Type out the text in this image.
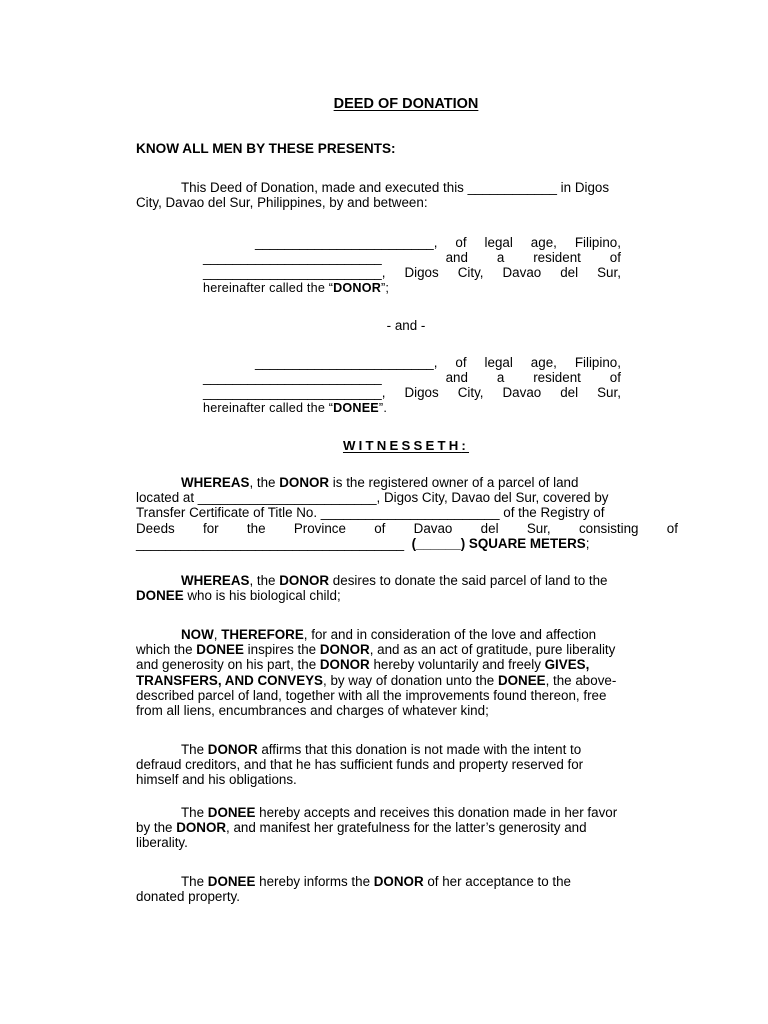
DEED OF DONATION
KNOW ALL MEN BY THESE PRESENTS:
This Deed of Donation, made and executed this ____________ in Digos
City, Davao del Sur, Philippines, by and between:
________________________, of legal age, Filipino,
________________________	and a resident of
________________________, Digos City, Davao del Sur,
hereinafter called the “DONOR”;
- and -
________________________, of legal age, Filipino,
________________________	and a resident of
________________________, Digos City, Davao del Sur,
hereinafter called the “DONEE”.
WITNESSETH:
WHEREAS, the DONOR is the registered owner of a parcel of land
located at ________________________, Digos City, Davao del Sur, covered by
Transfer Certificate of Title No. ________________________ of the Registry of
Deeds for the Province of Davao del Sur, consisting of
____________________________________
(______) SQUARE METERS ;
WHEREAS, the DONOR desires to donate the said parcel of land to the
DONEE who is his biological child;
NOW, THEREFORE, for and in consideration of the love and affection
which the DONEE inspires the DONOR, and as an act of gratitude, pure liberality
and generosity on his part, the DONOR hereby voluntarily and freely GIVES,
TRANSFERS, AND CONVEYS, by way of donation unto the DONEE, the above-
described parcel of land, together with all the improvements found thereon, free
from all liens, encumbrances and charges of whatever kind;
The DONOR affirms that this donation is not made with the intent to
defraud creditors, and that he has sufficient funds and property reserved for
himself and his obligations.
The DONEE hereby accepts and receives this donation made in her favor
by the DONOR, and manifest her gratefulness for the latter’s generosity and
liberality.
The DONEE hereby informs the DONOR of her acceptance to the
donated property.
